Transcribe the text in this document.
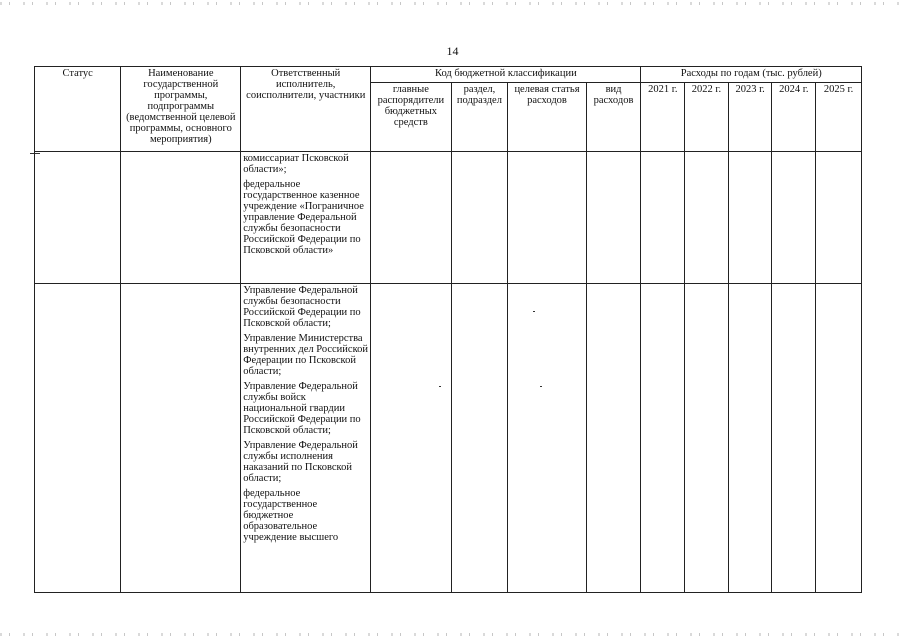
14
Статус	Наименование государственной программы, подпрограммы (ведомственной целевой программы, основного мероприятия)	Ответственный исполнитель, соисполнители, участники	Код бюджетной классификации				Расходы по годам (тыс. рублей)				
			главные распорядители бюджетных средств	раздел, подраздел	целевая статья расходов	вид расходов	2021 г.	2022 г.	2023 г.	2024 г.	2025 г.

		комиссариат Псковской области»;
федеральное государственное казенное учреждение «Пограничное управление Федеральной службы безопасности Российской Федерации по Псковской области»									

		Управление Федеральной службы безопасности Российской Федерации по Псковской области;
Управление Министерства внутренних дел Российской Федерации по Псковской области;
Управление Федеральной службы войск национальной гвардии Российской Федерации по Псковской области;
Управление Федеральной службы исполнения наказаний по Псковской области;
федеральное государственное бюджетное образовательное учреждение высшего									
